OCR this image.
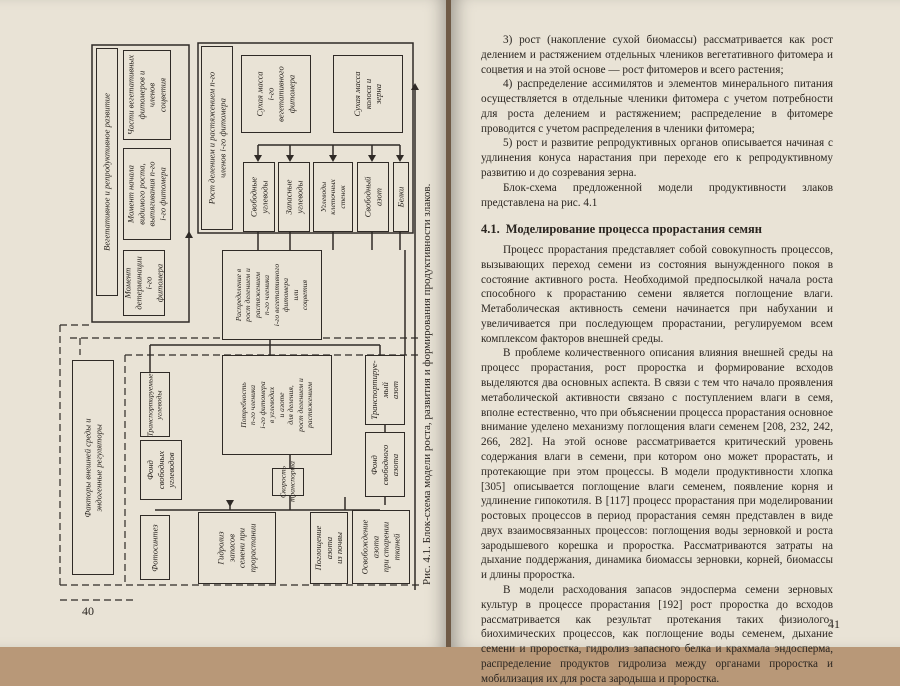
Вегетативное и репродуктивное развитие
Момент
детерминации
i-го
фитомера
Момент начала
видимого роста,
вытягивания n-го
i-го фитомера
Части вегетативных
фитомеров и
членов
соцветия
Рост делением и растяжением n-го
членов i-го фитомера	Сухая масса
i-го
вегетативного
фитомера	Сухая масса
колоса и
зерна
Свободные
углеводы Запасные
углеводы Углеводы
клеточных
стенок Свободный
азот Белки
Распределение в
рост делением и
растяжением
n-го членика
i-го вегетативного
фитомера
или
соцветия
Потребность
n-го членика
i-го фитомера
в углеводах
и азоте
для деления,
рост делением и
растяжением	Транспортируе-
мый
азот
Транспортируемые
углеводы
Факторы внешней среды и
эндогенные регуляторы
Фонд
свободных
углеводов	Фонд
свободного
азота
Скорость
транспорта
Фотосинтез	Гидролиз
запасов
семени при
прорастании	Поглощение
азота
из почвы Освобождение
азота
при старении
тканей Рис. 4.1. Блок-схема модели роста, развития и формирования продуктивности злаков.
40

3) рост (накопление сухой биомассы) рассматривается как рост делением и растяжением отдельных члеников вегетативного фитомера и соцветия и на этой основе — рост фитомеров и всего растения;

4) распределение ассимилятов и элементов минерального питания осуществляется в отдельные членики фитомера с учетом потребности для роста делением и растяжением; распределение в фитомере проводится с учетом распределения в членики фитомера;

5) рост и развитие репродуктивных органов описывается начиная с удлинения конуса нарастания при переходе его к репродуктивному развитию и до созревания зерна.

Блок-схема предложенной модели продуктивности злаков представлена на рис. 4.1

4.1. Моделирование процесса прорастания семян

Процесс прорастания представляет собой совокупность процессов, вызывающих переход семени из состояния вынужденного покоя в состояние активного роста. Необходимой предпосылкой начала роста способного к прорастанию семени является поглощение влаги. Метаболическая активность семени начинается при набухании и увеличивается при последующем прорастании, регулируемом всем комплексом факторов внешней среды.

В проблеме количественного описания влияния внешней среды на процесс прорастания, рост проростка и формирование всходов выделяются два основных аспекта. В связи с тем что начало проявления метаболической активности связано с поступлением влаги в семя, вполне естественно, что при объяснении процесса прорастания основное внимание уделено механизму поглощения влаги семенем [208, 232, 242, 266, 282]. На этой основе рассматривается критический уровень содержания влаги в семени, при котором оно может прорастать, и протекающие при этом процессы. В модели продуктивности хлопка [305] описывается поглощение влаги семенем, появление корня и удлинение гипокотиля. В [117] процесс прорастания при моделировании ростовых процессов в период прорастания семян представлен в виде двух взаимосвязанных процессов: поглощения воды зерновкой и роста зародышевого корешка и проростка. Рассматриваются затраты на дыхание поддержания, динамика биомассы зерновки, корней, биомассы и длины проростка.

В модели расходования запасов эндосперма семени зерновых культур в процессе прорастания [192] рост проростка до всходов рассматривается как результат протекания таких физиолого-биохимических процессов, как поглощение воды семенем, дыхание семени и проростка, гидролиз запасного белка и крахмала эндосперма, распределение продуктов гидролиза между органами проростка и мобилизация их для роста зародыша и проростка.

41
